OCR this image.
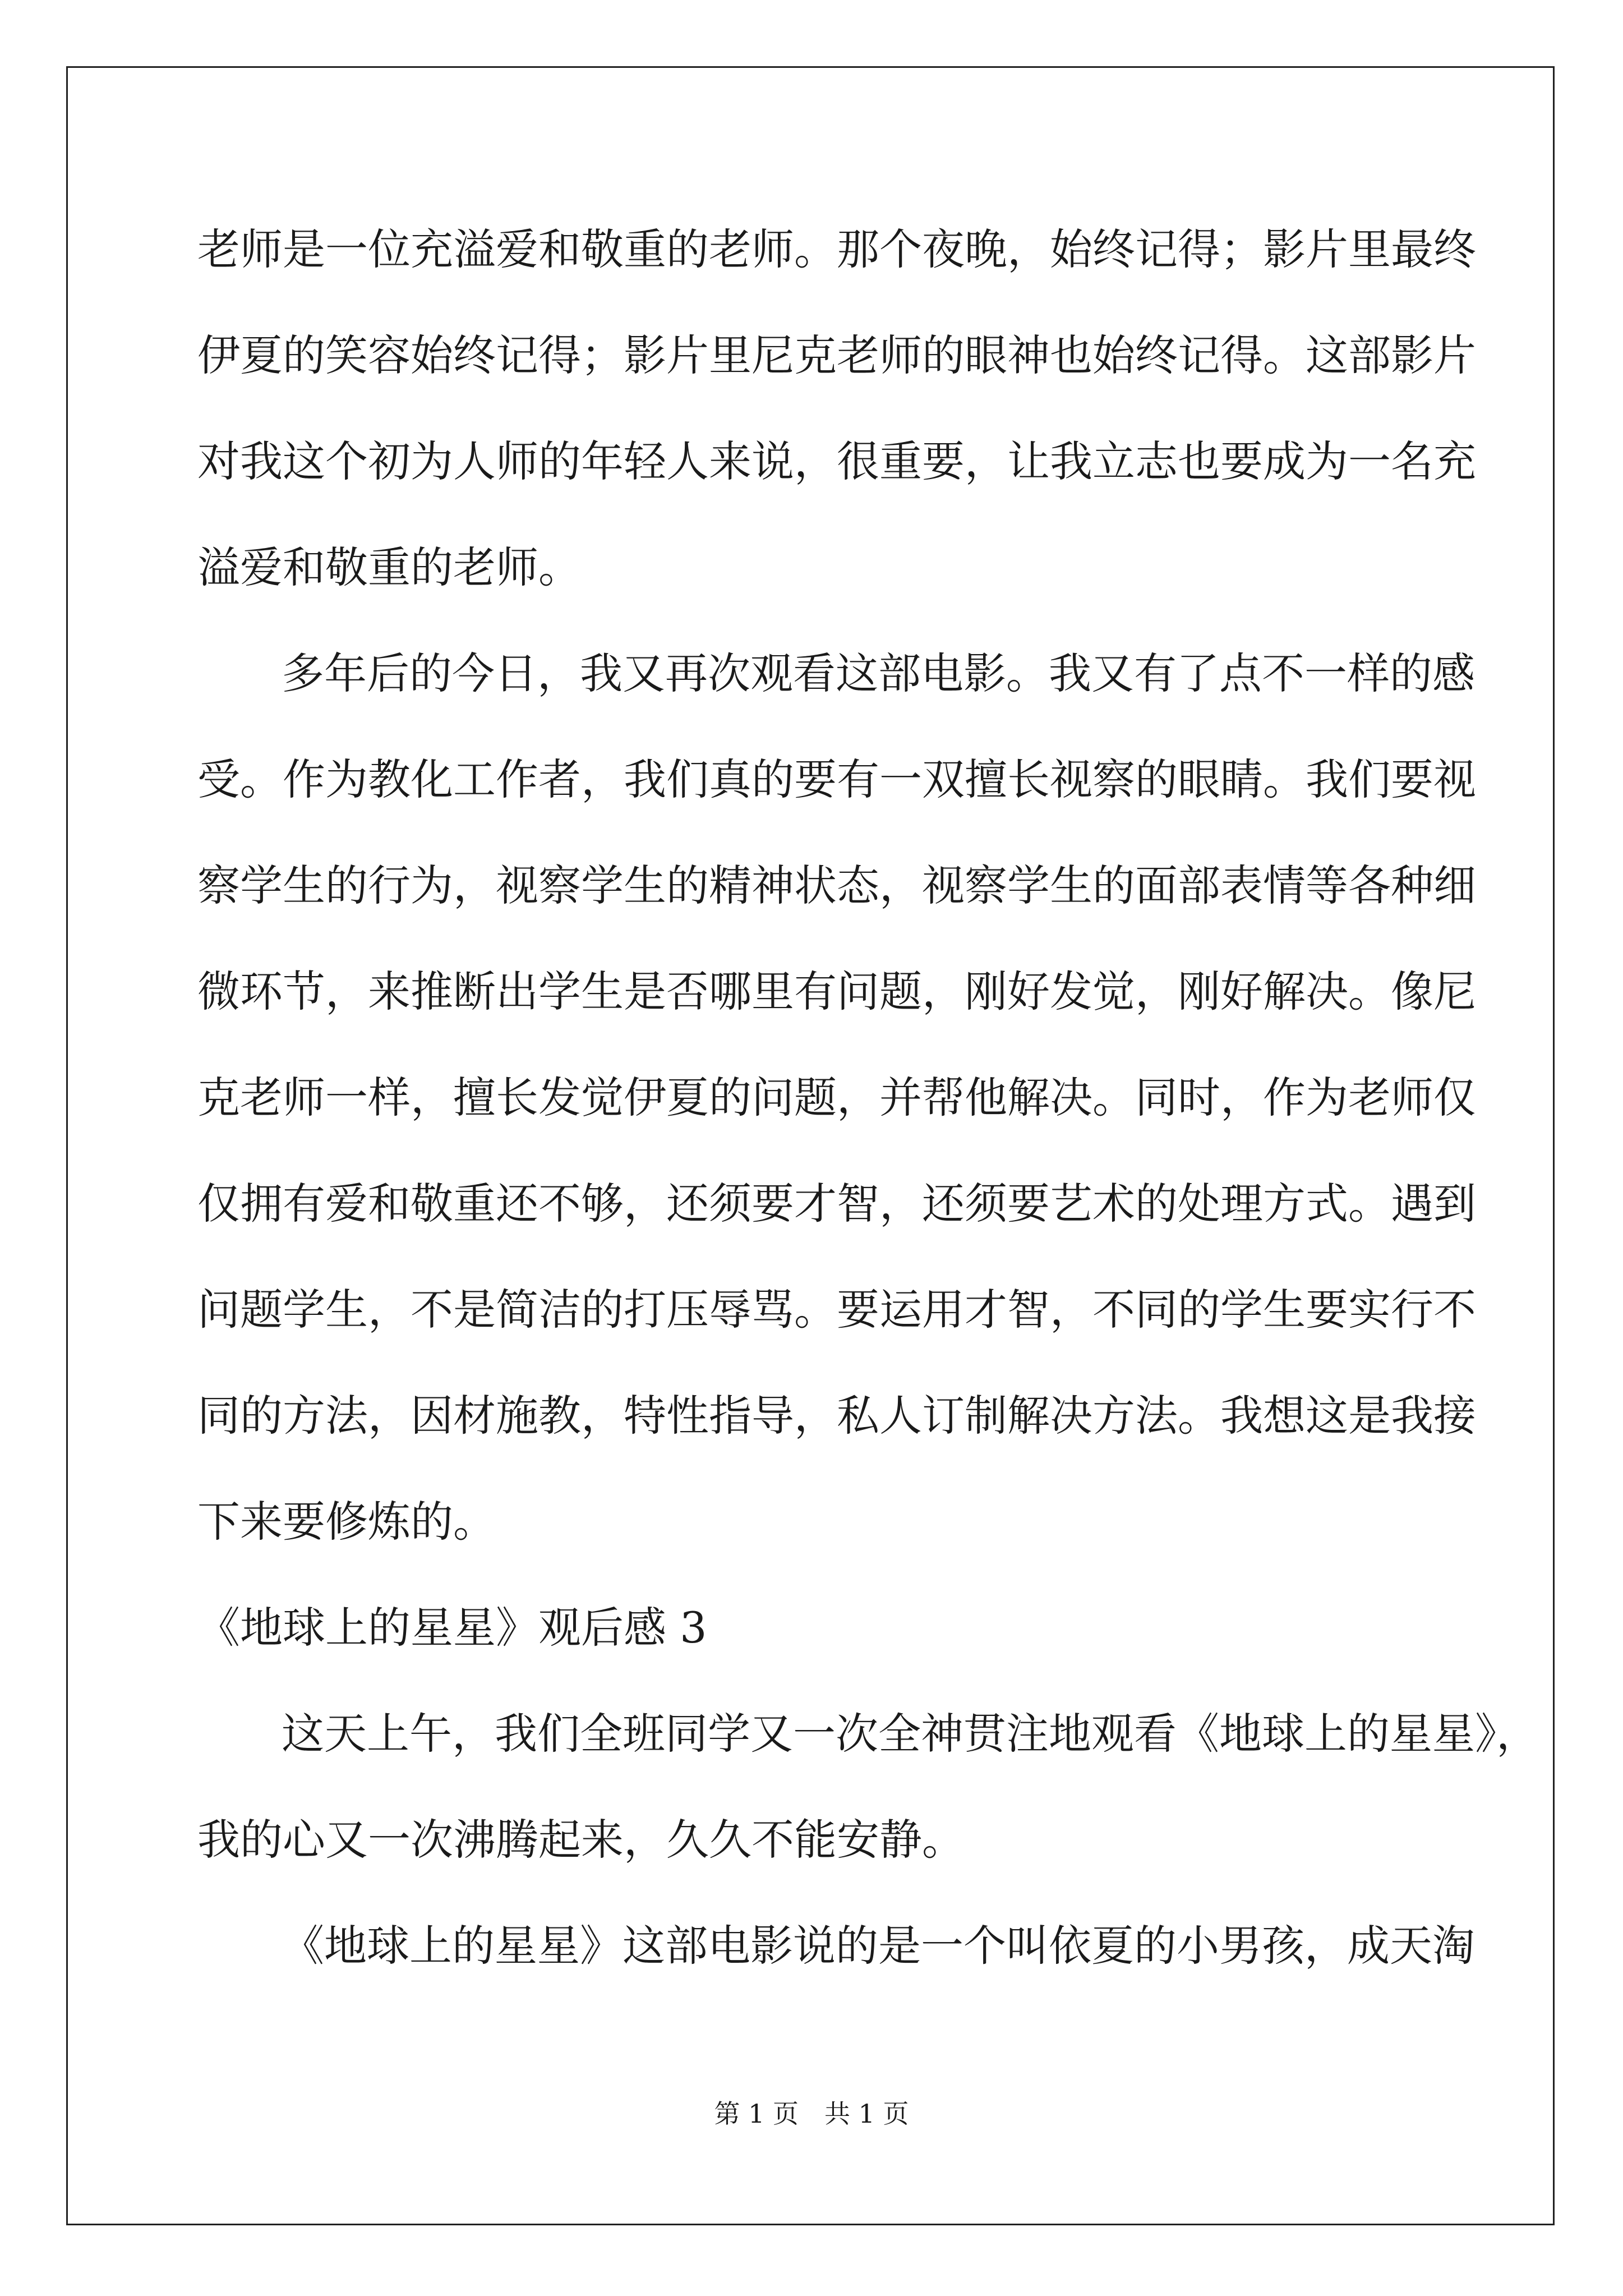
老师是一位充溢爱和敬重的老师。那个夜晚，始终记得；影片里最终
伊夏的笑容始终记得；影片里尼克老师的眼神也始终记得。这部影片
对我这个初为人师的年轻人来说，很重要，让我立志也要成为一名充
溢爱和敬重的老师。
多年后的今日，我又再次观看这部电影。我又有了点不一样的感
受。作为教化工作者，我们真的要有一双擅长视察的眼睛。我们要视
察学生的行为，视察学生的精神状态，视察学生的面部表情等各种细
微环节，来推断出学生是否哪里有问题，刚好发觉，刚好解决。像尼
克老师一样，擅长发觉伊夏的问题，并帮他解决。同时，作为老师仅
仅拥有爱和敬重还不够，还须要才智，还须要艺术的处理方式。遇到
问题学生，不是简洁的打压辱骂。要运用才智，不同的学生要实行不
同的方法，因材施教，特性指导，私人订制解决方法。我想这是我接
下来要修炼的。
《地球上的星星》观后感 3
这天上午，我们全班同学又一次全神贯注地观看《地球上的星星》，
我的心又一次沸腾起来，久久不能安静。
《地球上的星星》这部电影说的是一个叫依夏的小男孩，成天淘
第 1 页　共 1 页
